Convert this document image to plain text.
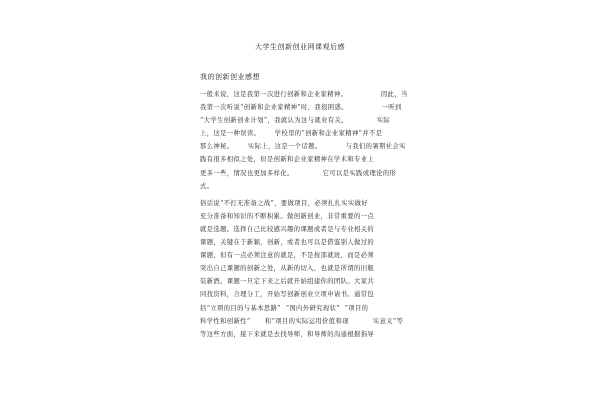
大学生创新创业网课观后感
我的创新创业感想
一般来说，这是我第一次进行创新和企业家精神。              因此，当
我第一次听说“创新和企业家精神”时，我很困惑。              一听到
“大学生创新创业计划”，我就认为这与就业有关。            实际
上，这是一种误读。      学校里的“创新和企业家精神”并不是
那么神秘。      实际上，这是一个话题。          与我们的暑期社会实
践有很多相似之处，但是创新和企业家精神在学术和专业上
更多一些，情况也更加多样化。            它可以是实践或理论的形
式。
俗话说“不打无准备之战”，要做项目，必须扎扎实实做好
充分准备和知识的不断积累。做创新创业，非常重要的一点
就是选题。选择自己比较感兴趣的课题或者是与专业相关的
课题，关键在于新颖，创新，或者也可以是借鉴别人做过的
课题，但有一点必须注意的就是，不是按部就班，而是必须
突出自己课题的创新之处，从新的切入，也就是所谓的旧瓶
装新酒。课题一旦定下来之后就开始组建你的团队。大家共
同找资料，合理分工，开始写创新创业立项申请书。通常包
括“立项的目的与基本思路”  “国内外研究现状”  “项目的
科学性和创新性”      和“项目的实际运用价值和现          实意义”等
等这些方面，接下来就是去找导师，和导师的沟通根据指导
